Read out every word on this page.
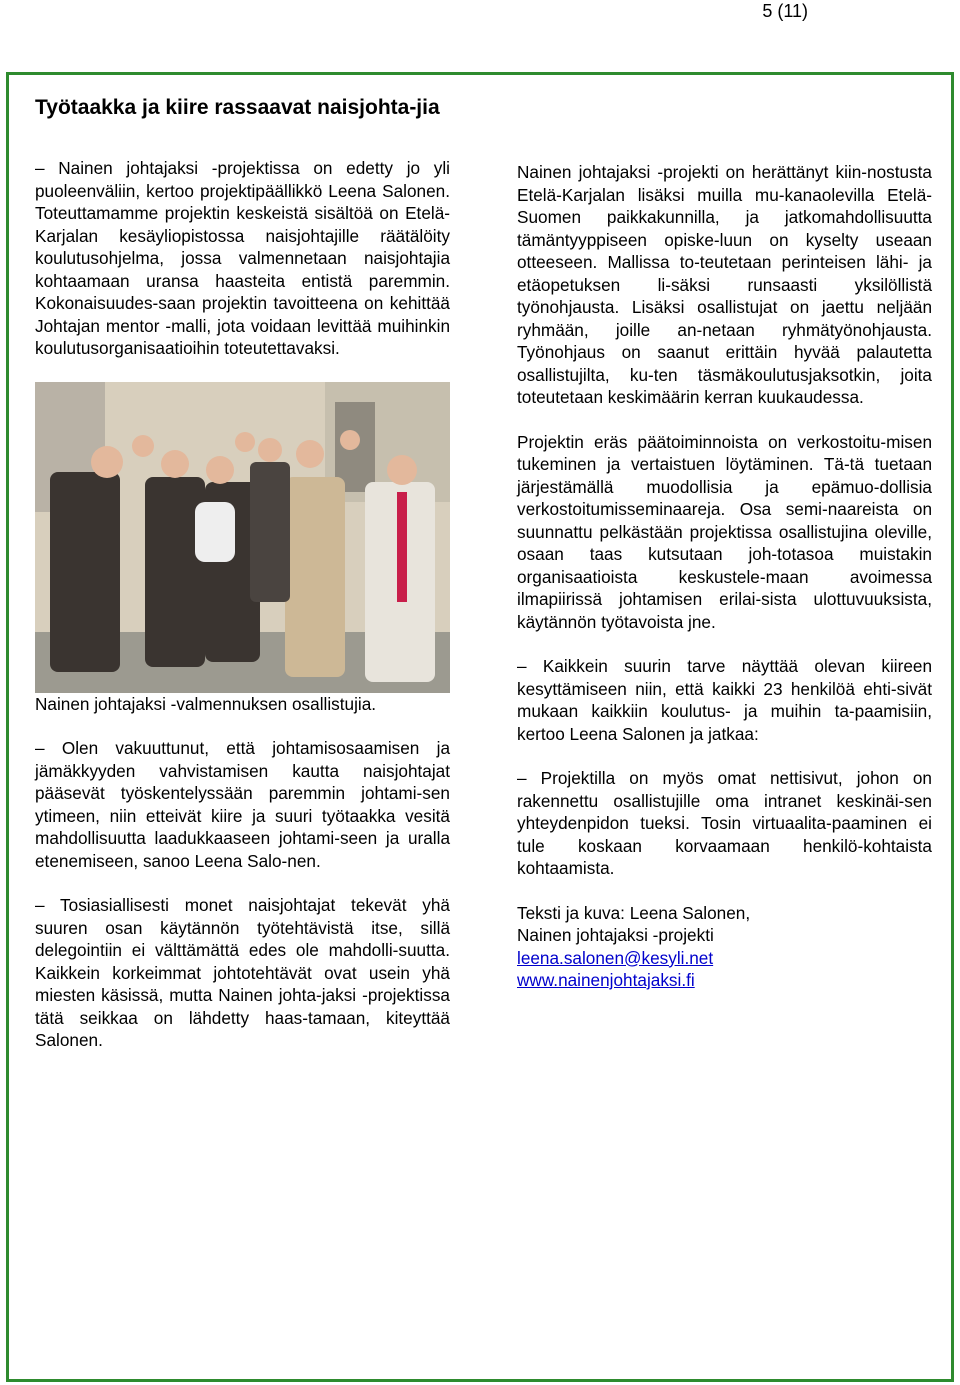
5 (11)
Työtaakka ja kiire rassaavat naisjohta-jia

– Nainen johtajaksi -projektissa on edetty jo yli puoleenväliin, kertoo projektipäällikkö Leena Salonen. Toteuttamamme projektin keskeistä sisältöä on Etelä-Karjalan kesäyliopistossa naisjohtajille räätälöity koulutusohjelma, jossa valmennetaan naisjohtajia kohtaamaan uransa haasteita entistä paremmin. Kokonaisuudes-saan projektin tavoitteena on kehittää Johtajan mentor -malli, jota voidaan levittää muihinkin koulutusorganisaatioihin toteutettavaksi.

Nainen johtajaksi -valmennuksen osallistujia.

– Olen vakuuttunut, että johtamisosaamisen ja jämäkkyyden vahvistamisen kautta naisjohtajat pääsevät työskentelyssään paremmin johtami-sen ytimeen, niin etteivät kiire ja suuri työtaakka vesitä mahdollisuutta laadukkaaseen johtami-seen ja uralla etenemiseen, sanoo Leena Salo-nen.

– Tosiasiallisesti monet naisjohtajat tekevät yhä suuren osan käytännön työtehtävistä itse, sillä delegointiin ei välttämättä edes ole mahdolli-suutta. Kaikkein korkeimmat johtotehtävät ovat usein yhä miesten käsissä, mutta Nainen johta-jaksi -projektissa tätä seikkaa on lähdetty haas-tamaan, kiteyttää Salonen.

Nainen johtajaksi -projekti on herättänyt kiin-nostusta Etelä-Karjalan lisäksi muilla mu-kanaolevilla Etelä-Suomen paikkakunnilla, ja jatkomahdollisuutta tämäntyyppiseen opiske-luun on kyselty useaan otteeseen. Mallissa to-teutetaan perinteisen lähi- ja etäopetuksen li-säksi runsaasti yksilöllistä työnohjausta. Lisäksi osallistujat on jaettu neljään ryhmään, joille an-netaan ryhmätyönohjausta. Työnohjaus on saanut erittäin hyvää palautetta osallistujilta, ku-ten täsmäkoulutusjaksotkin, joita toteutetaan keskimäärin kerran kuukaudessa.

Projektin eräs päätoiminnoista on verkostoitu-misen tukeminen ja vertaistuen löytäminen. Tä-tä tuetaan järjestämällä muodollisia ja epämuo-dollisia verkostoitumisseminaareja. Osa semi-naareista on suunnattu pelkästään projektissa osallistujina oleville, osaan taas kutsutaan joh-totasoa muistakin organisaatioista keskustele-maan avoimessa ilmapiirissä johtamisen erilai-sista ulottuvuuksista, käytännön työtavoista jne.

– Kaikkein suurin tarve näyttää olevan kiireen kesyttämiseen niin, että kaikki 23 henkilöä ehti-sivät mukaan kaikkiin koulutus- ja muihin ta-paamisiin, kertoo Leena Salonen ja jatkaa:

– Projektilla on myös omat nettisivut, johon on rakennettu osallistujille oma intranet keskinäi-sen yhteydenpidon tueksi. Tosin virtuaalita-paaminen ei tule koskaan korvaamaan henkilö-kohtaista kohtaamista.

Teksti ja kuva: Leena Salonen,

Nainen johtajaksi -projekti

leena.salonen@kesyli.net

www.nainenjohtajaksi.fi
